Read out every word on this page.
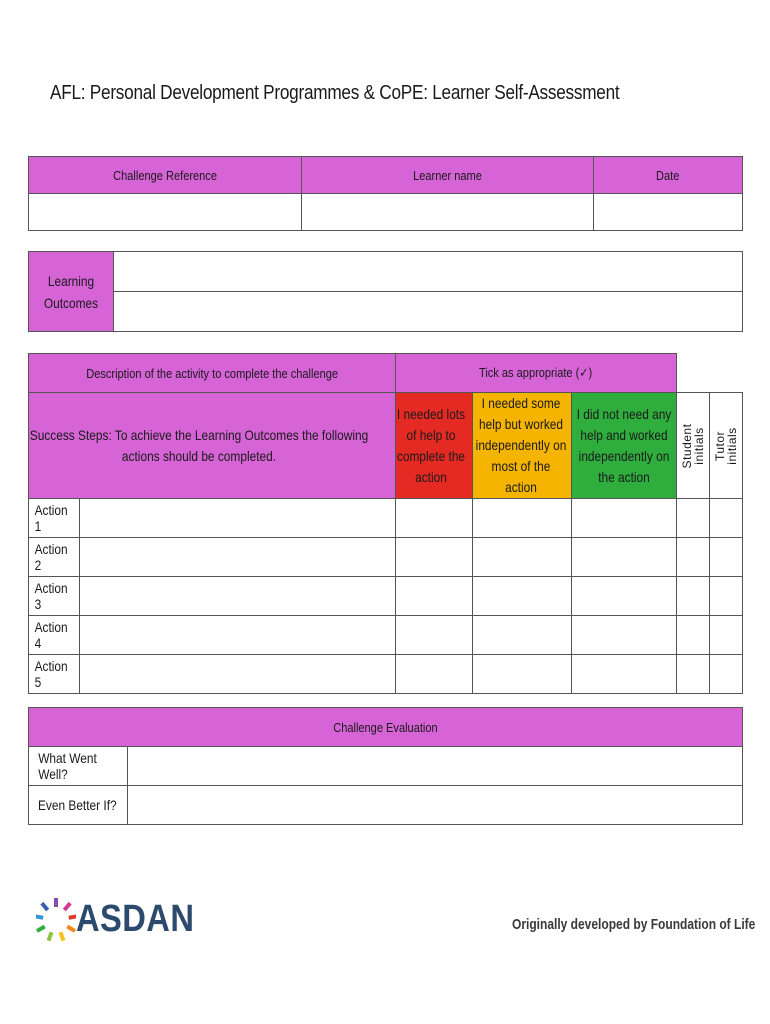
AFL: Personal Development Programmes & CoPE: Learner Self-Assessment
Challenge Reference	Learner name	Date

Learning Outcomes	

Description of the activity to complete the challenge		Tick as appropriate (✓)				
Success Steps: To achieve the Learning Outcomes the following actions should be completed.		I needed lots of help to complete the action	I needed some help but worked independently on most of the action	I did not need any help and worked independently on the action	Student initials	Tutor initials

Action 1						
Action 2						
Action 3						
Action 4						
Action 5						
Challenge Evaluation	
What Went Well?	
Even Better If?	
ASDAN	Originally developed by Foundation of Life
